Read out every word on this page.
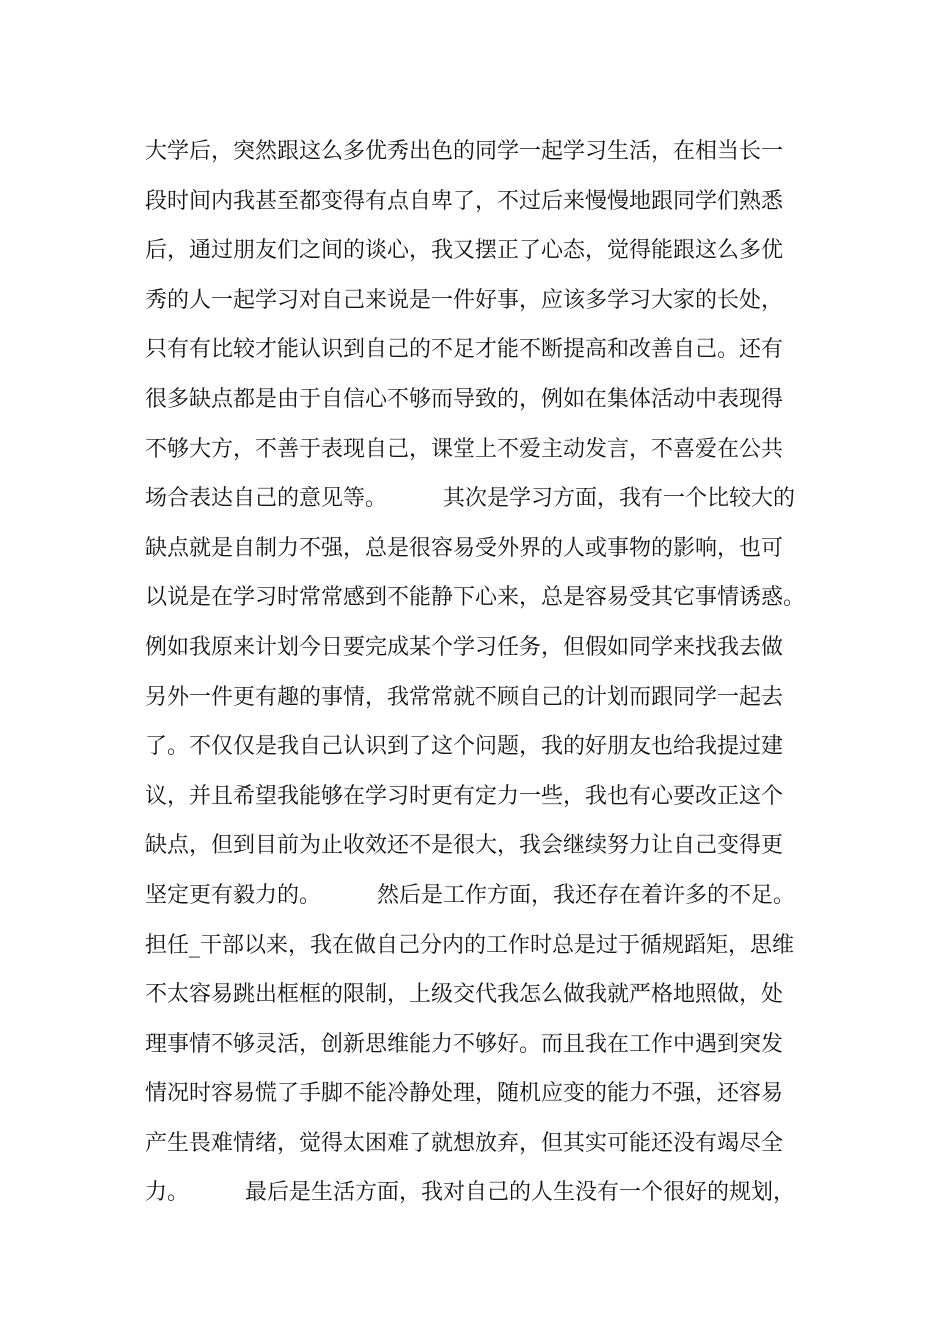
大学后，突然跟这么多优秀出色的同学一起学习生活，在相当长一
段时间内我甚至都变得有点自卑了，不过后来慢慢地跟同学们熟悉
后，通过朋友们之间的谈心，我又摆正了心态，觉得能跟这么多优
秀的人一起学习对自己来说是一件好事，应该多学习大家的长处，
只有有比较才能认识到自己的不足才能不断提高和改善自己。还有
很多缺点都是由于自信心不够而导致的，例如在集体活动中表现得
不够大方，不善于表现自己，课堂上不爱主动发言，不喜爱在公共
场合表达自己的意见等。        其次是学习方面，我有一个比较大的
缺点就是自制力不强，总是很容易受外界的人或事物的影响，也可
以说是在学习时常常感到不能静下心来，总是容易受其它事情诱惑。
例如我原来计划今日要完成某个学习任务，但假如同学来找我去做
另外一件更有趣的事情，我常常就不顾自己的计划而跟同学一起去
了。不仅仅是我自己认识到了这个问题，我的好朋友也给我提过建
议，并且希望我能够在学习时更有定力一些，我也有心要改正这个
缺点，但到目前为止收效还不是很大，我会继续努力让自己变得更
坚定更有毅力的。        然后是工作方面，我还存在着许多的不足。
担任_干部以来，我在做自己分内的工作时总是过于循规蹈矩，思维
不太容易跳出框框的限制，上级交代我怎么做我就严格地照做，处
理事情不够灵活，创新思维能力不够好。而且我在工作中遇到突发
情况时容易慌了手脚不能冷静处理，随机应变的能力不强，还容易
产生畏难情绪，觉得太困难了就想放弃，但其实可能还没有竭尽全
力。        最后是生活方面，我对自己的人生没有一个很好的规划，
